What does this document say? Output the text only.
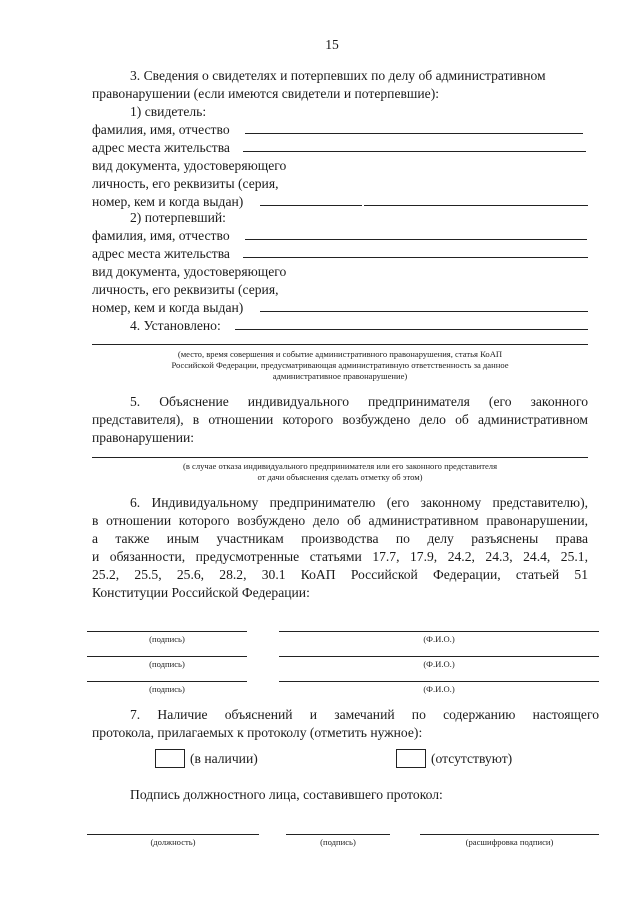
15
3. Сведения о свидетелях и потерпевших по делу об административном
правонарушении (если имеются свидетели и потерпевшие):
1) свидетель:
фамилия, имя, отчество
адрес места жительства
вид документа, удостоверяющего
личность, его реквизиты (серия,
номер, кем и когда выдан)
2) потерпевший:
фамилия, имя, отчество
адрес места жительства
вид документа, удостоверяющего
личность, его реквизиты (серия,
номер, кем и когда выдан)
4. Установлено:
(место, время совершения и событие административного правонарушения, статья КоАП
Российской Федерации, предусматривающая административную ответственность за данное
административное правонарушение)
5. Объяснение индивидуального предпринимателя (его законного
представителя), в отношении которого возбуждено дело об административном
правонарушении:
(в случае отказа индивидуального предпринимателя или его законного представителя
от дачи объяснения сделать отметку об этом)
6. Индивидуальному предпринимателю (его законному представителю),
в отношении которого возбуждено дело об административном правонарушении,
а также иным участникам производства по делу разъяснены права
и обязанности, предусмотренные статьями 17.7, 17.9, 24.2, 24.3, 24.4, 25.1,
25.2, 25.5, 25.6, 28.2, 30.1 КоАП Российской Федерации, статьей 51
Конституции Российской Федерации:
(подпись)	(Ф.И.О.)
(подпись)	(Ф.И.О.)
(подпись)	(Ф.И.О.)
7. Наличие объяснений и замечаний по содержанию настоящего
протокола, прилагаемых к протоколу (отметить нужное):
(в наличии)	(отсутствуют)
Подпись должностного лица, составившего протокол:
(должность)	(подпись)	(расшифровка подписи)
